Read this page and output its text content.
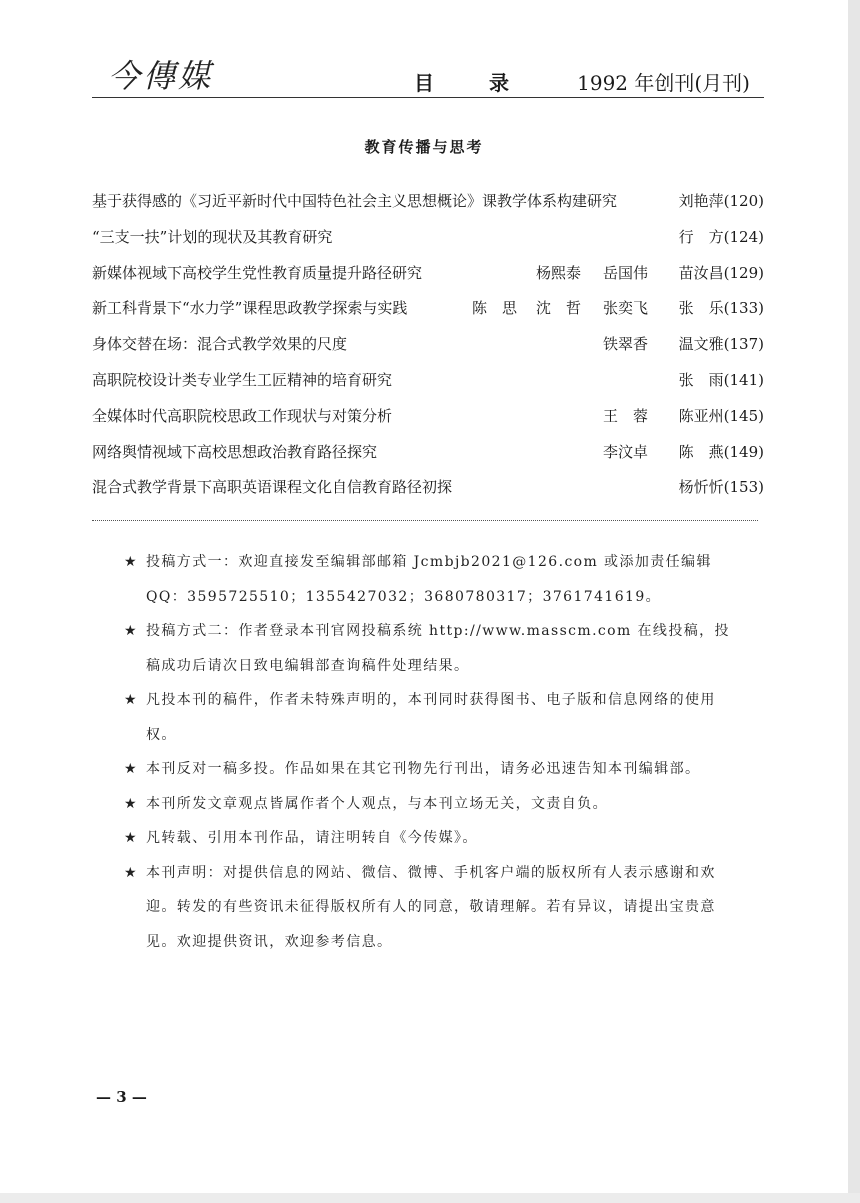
今傳媒	目 录 1992 年创刊(月刊)
教育传播与思考
基于获得感的《习近平新时代中国特色社会主义思想概论》课教学体系构建研究	刘艳萍(120)
“三支一扶”计划的现状及其教育研究	行　方(124)
新媒体视域下高校学生党性教育质量提升路径研究	杨熙泰 岳国伟 苗汝昌(129)
新工科背景下“水力学”课程思政教学探索与实践	陈　思 沈　哲 张奕飞 张　乐(133)
身体交替在场：混合式教学效果的尺度	铁翠香 温文雅(137)
高职院校设计类专业学生工匠精神的培育研究	张　雨(141)
全媒体时代高职院校思政工作现状与对策分析	王　蓉 陈亚州(145)
网络舆情视域下高校思想政治教育路径探究	李汶卓 陈　燕(149)
混合式教学背景下高职英语课程文化自信教育路径初探	杨忻忻(153)
★ 投稿方式一：欢迎直接发至编辑部邮箱 Jcmbjb2021@126.com 或添加责任编辑 QQ：3595725510；1355427032；3680780317；3761741619。
★ 投稿方式二：作者登录本刊官网投稿系统 http://www.masscm.com 在线投稿，投稿成功后请次日致电编辑部查询稿件处理结果。
★ 凡投本刊的稿件，作者未特殊声明的，本刊同时获得图书、电子版和信息网络的使用权。
★ 本刊反对一稿多投。作品如果在其它刊物先行刊出，请务必迅速告知本刊编辑部。
★ 本刊所发文章观点皆属作者个人观点，与本刊立场无关，文责自负。
★ 凡转载、引用本刊作品，请注明转自《今传媒》。
★ 本刊声明：对提供信息的网站、微信、微博、手机客户端的版权所有人表示感谢和欢迎。转发的有些资讯未征得版权所有人的同意，敬请理解。若有异议，请提出宝贵意见。欢迎提供资讯，欢迎参考信息。
— 3 —
